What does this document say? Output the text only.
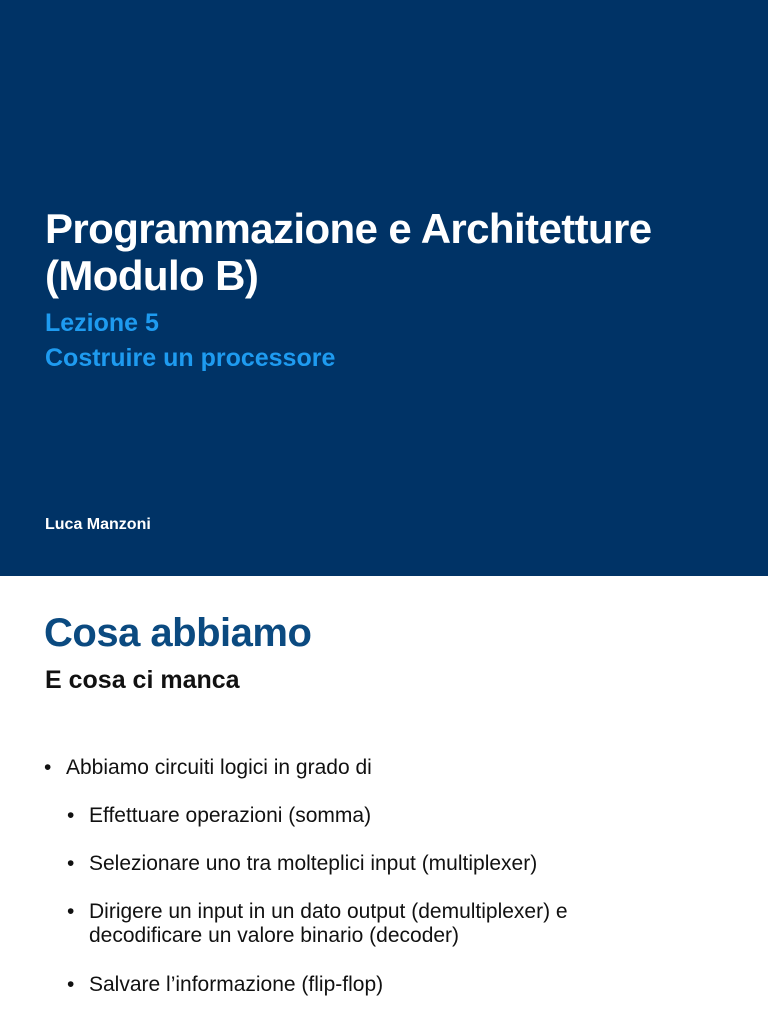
Programmazione e Architetture
(Modulo B)
Lezione 5
Costruire un processore

Luca Manzoni

Cosa abbiamo
E cosa ci manca
• Abbiamo circuiti logici in grado di
• Effettuare operazioni (somma)
• Selezionare uno tra molteplici input (multiplexer)
• Dirigere un input in un dato output (demultiplexer) e
decodificare un valore binario (decoder)
• Salvare l’informazione (flip-flop)
